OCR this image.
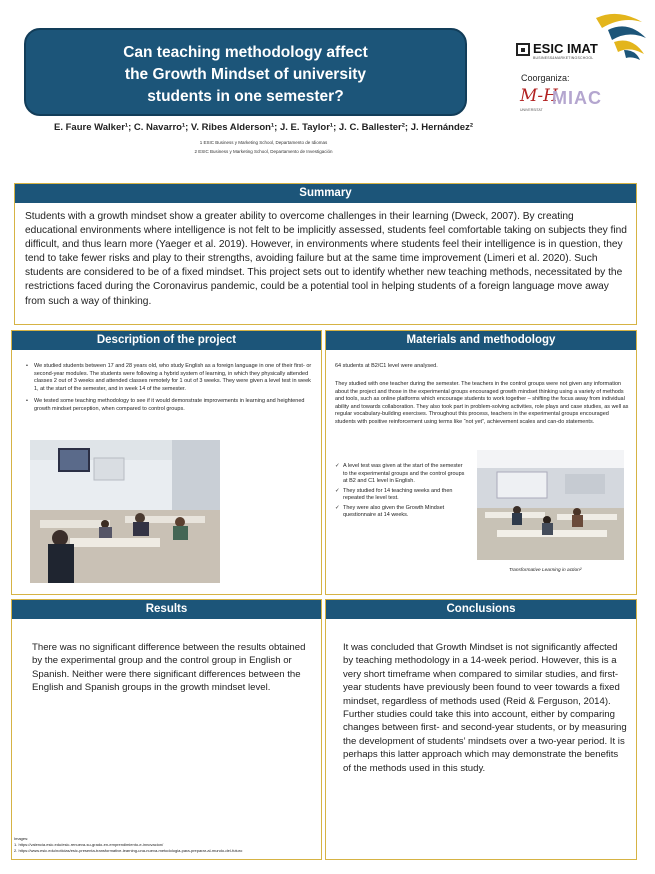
Can teaching methodology affect
the Growth Mindset of university
students in one semester?
ESIC IMAT
BUSINESS&MARKETINGSCHOOL
Coorganiza:
M-H
UNIVERSITAT
MIAC
E. Faure Walker¹; C. Navarro¹; V. Ribes Alderson¹; J. E. Taylor¹; J. C. Ballester²; J. Hernández²
1 ESIC Business y Marketing School, Departamento de Idiomas
2 ESIC Business y Marketing School, Departamento de Investigación
Summary
Students with a growth mindset show a greater ability to overcome challenges in their learning (Dweck, 2007). By creating educational environments where intelligence is not felt to be implicitly assessed, students feel comfortable taking on subjects they find difficult, and thus learn more (Yaeger et al. 2019). However, in environments where students feel their intelligence is in question, they tend to take fewer risks and play to their strengths, avoiding failure but at the same time improvement (Limeri et al. 2020). Such students are considered to be of a fixed mindset. This project sets out to identify whether new teaching methods, necessitated by the restrictions faced during the Coronavirus pandemic, could be a potential tool in helping students of a foreign language move away from such a way of thinking.
Description of the project
• We studied students between 17 and 28 years old, who study English as a foreign language in one of their first- or second-year modules. The students were following a hybrid system of learning, in which they physically attended classes 2 out of 3 weeks and attended classes remotely for 1 out of 3 weeks. They were given a level test in week 1, at the start of the semester, and in week 14 of the semester.
• We tested some teaching methodology to see if it would demonstrate improvements in learning and heightened growth mindset perception, when compared to control groups.
Materials and methodology
64 students at B2/C1 level were analysed.
They studied with one teacher during the semester. The teachers in the control groups were not given any information about the project and those in the experimental groups encouraged growth mindset thinking using a variety of methods and tools, such as online platforms which encourage students to work together – shifting the focus away from individual ability and towards collaboration. They also took part in problem-solving activities, role plays and case studies, as well as regular vocabulary-building exercises. Throughout this process, teachers in the experimental groups encouraged students with positive reinforcement using terms like “not yet”, achievement scales and can-do statements.
✓ A level test was given at the start of the semester to the experimental groups and the control groups at B2 and C1 level in English.
✓ They studied for 14 teaching weeks and then repeated the level test.
✓ They were also given the Growth Mindset questionnaire at 14 weeks.
Transformative Learning in action²
Results
There was no significant difference between the results obtained by the experimental group and the control group in English or Spanish. Neither were there significant differences between the English and Spanish groups in the growth mindset level.
Conclusions
It was concluded that Growth Mindset is not significantly affected by teaching methodology in a 14-week period. However, this is a very short timeframe when compared to similar studies, and first-year students have previously been found to veer towards a fixed mindset, regardless of methods used (Reid & Ferguson, 2014). Further studies could take this into account, either by comparing changes between first- and second-year students, or by measuring the development of students’ mindsets over a two-year period. It is perhaps this latter approach which may demonstrate the benefits of the methods used in this study.
Images:
1. https://valencia.esic.edu/esic-renueva-su-grado-en-emprendimiento-e-innovacion/
2. https://www.esic.edu/noticias/esic-presenta-transformative-learning-una-nueva-metodologia-para-preparar-al-mundo-del-futuro
